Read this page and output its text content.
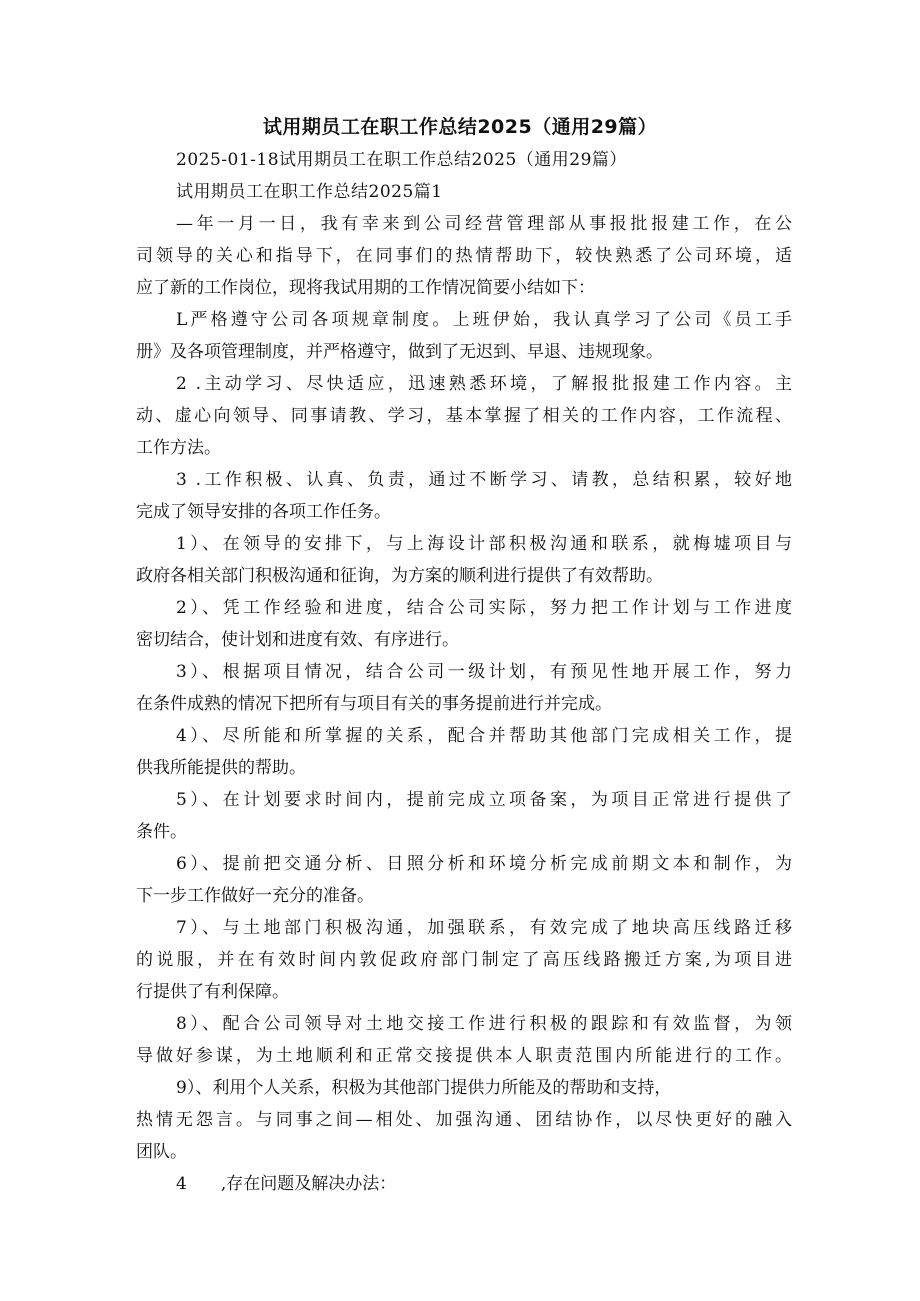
试用期员工在职工作总结2025（通用29篇）
2025-01-18试用期员工在职工作总结2025（通用29篇）
试用期员工在职工作总结2025篇1
—年一月一日，我有幸来到公司经营管理部从事报批报建工作，在公
司领导的关心和指导下，在同事们的热情帮助下，较快熟悉了公司环境，适
应了新的工作岗位，现将我试用期的工作情况简要小结如下：
L严格遵守公司各项规章制度。上班伊始，我认真学习了公司《员工手
册》及各项管理制度，并严格遵守，做到了无迟到、早退、违规现象。
2 .主动学习、尽快适应，迅速熟悉环境，了解报批报建工作内容。主
动、虚心向领导、同事请教、学习，基本掌握了相关的工作内容，工作流程、
工作方法。
3 .工作积极、认真、负责，通过不断学习、请教，总结积累，较好地
完成了领导安排的各项工作任务。
1）、在领导的安排下，与上海设计部积极沟通和联系，就梅墟项目与
政府各相关部门积极沟通和征询，为方案的顺利进行提供了有效帮助。
2）、凭工作经验和进度，结合公司实际，努力把工作计划与工作进度
密切结合，使计划和进度有效、有序进行。
3）、根据项目情况，结合公司一级计划，有预见性地开展工作，努力
在条件成熟的情况下把所有与项目有关的事务提前进行并完成。
4）、尽所能和所掌握的关系，配合并帮助其他部门完成相关工作，提
供我所能提供的帮助。
5）、在计划要求时间内，提前完成立项备案，为项目正常进行提供了
条件。
6）、提前把交通分析、日照分析和环境分析完成前期文本和制作，为
下一步工作做好一充分的准备。
7）、与土地部门积极沟通，加强联系，有效完成了地块高压线路迁移
的说服，并在有效时间内敦促政府部门制定了高压线路搬迁方案,为项目进
行提供了有利保障。
8）、配合公司领导对土地交接工作进行积极的跟踪和有效监督，为领
导做好参谋，为土地顺利和正常交接提供本人职责范围内所能进行的工作。
9）、利用个人关系，积极为其他部门提供力所能及的帮助和支持，
热情无怨言。与同事之间—相处、加强沟通、团结协作，以尽快更好的融入
团队。
4　　,存在问题及解决办法：
